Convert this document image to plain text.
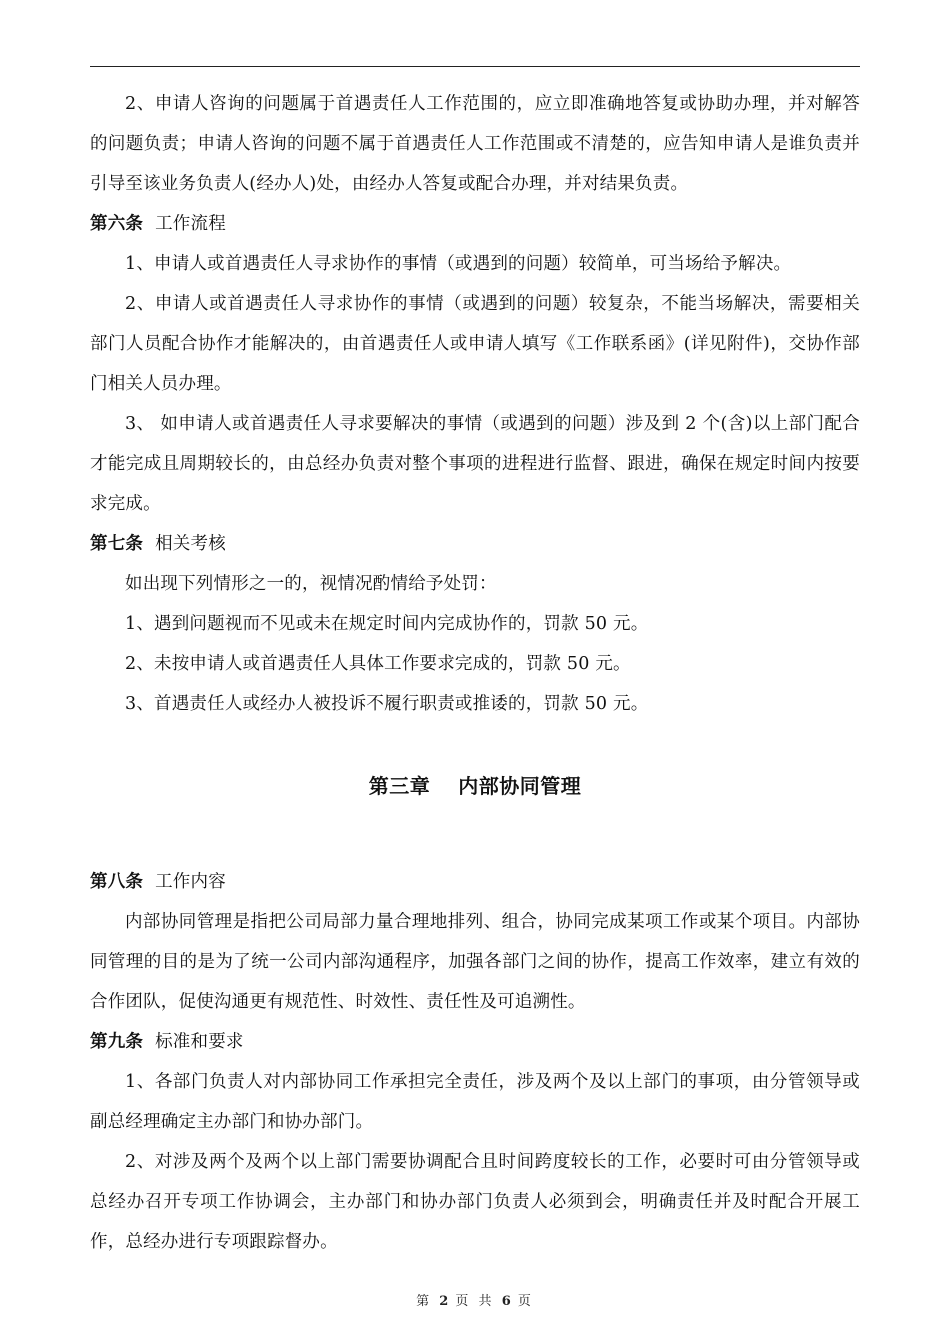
2、申请人咨询的问题属于首遇责任人工作范围的，应立即准确地答复或协助办理，并对解答的问题负责；申请人咨询的问题不属于首遇责任人工作范围或不清楚的，应告知申请人是谁负责并引导至该业务负责人(经办人)处，由经办人答复或配合办理，并对结果负责。

第六条 工作流程

1、申请人或首遇责任人寻求协作的事情（或遇到的问题）较简单，可当场给予解决。

2、申请人或首遇责任人寻求协作的事情（或遇到的问题）较复杂，不能当场解决，需要相关部门人员配合协作才能解决的，由首遇责任人或申请人填写《工作联系函》(详见附件)，交协作部门相关人员办理。

3、 如申请人或首遇责任人寻求要解决的事情（或遇到的问题）涉及到 2 个(含)以上部门配合才能完成且周期较长的，由总经办负责对整个事项的进程进行监督、跟进，确保在规定时间内按要求完成。

第七条 相关考核

如出现下列情形之一的，视情况酌情给予处罚：

1、遇到问题视而不见或未在规定时间内完成协作的，罚款 50 元。

2、未按申请人或首遇责任人具体工作要求完成的，罚款 50 元。

3、首遇责任人或经办人被投诉不履行职责或推诿的，罚款 50 元。

第三章 内部协同管理

第八条 工作内容

内部协同管理是指把公司局部力量合理地排列、组合，协同完成某项工作或某个项目。内部协同管理的目的是为了统一公司内部沟通程序，加强各部门之间的协作，提高工作效率，建立有效的合作团队，促使沟通更有规范性、时效性、责任性及可追溯性。

第九条 标准和要求

1、各部门负责人对内部协同工作承担完全责任，涉及两个及以上部门的事项，由分管领导或副总经理确定主办部门和协办部门。

2、对涉及两个及两个以上部门需要协调配合且时间跨度较长的工作，必要时可由分管领导或总经办召开专项工作协调会，主办部门和协办部门负责人必须到会，明确责任并及时配合开展工作，总经办进行专项跟踪督办。

第 2 页 共 6 页
